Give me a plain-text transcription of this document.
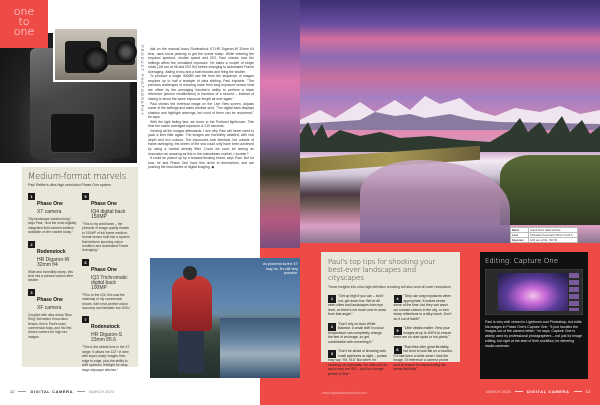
one
to
one
PRODUCT PHOTOGRAPHY
Medium-format marvels
Paul Reiffer's ultra-high-resolution Phase One system
1
Phase One
XT camera
"My landscape camera body," says Paul, "and the most digitally integrated field camera solution available on the market today."
2
Rodenstock
HR Digaron-W 32mm f/4
Wide and incredibly sharp, this lens has a precise carbon-fibre shutter.
3
Phase One
XF camera
Coupled with ultra-sharp 'Blue Ring' Schneider Kreuznach lenses, this is Paul's main commercial body, and his first choice camera for high-res images.
5
Phase One
IQ4 digital back 150MP
"This is my workhorse – the pinnacle of image quality thanks to 151MP of full frame medium-format sensor built into a system that delivers stunning colour rendition and Automated Frame Averaging."
6
Phase One
IQ3 Trichromatic digital back 100MP
"Prior to the IQ4, this was the mainstay of my commercial shoots, with near-perfect colour accuracy and fantastic low ISOs."
7
Rodenstock
HR Digaron-S 23mm f/5.6
"This is the widest lens in the XT range. It allows me 122° of view with super-sharp images from edge to edge, plus the ability to shift up/down, left/right for easy large cityscape stitches."

dial on the manual focus Rodenstock XT-HR Digaron-W 32mm f/4 lens, uses focus peaking to get the scene sharp. While entering the required aperture, shutter speed and ISO, Paul checks how the settings affect the simulated exposure. He takes a couple of single shots (1/8 sec at f/8 and ISO 50) before changing to Automated Frame Averaging, dialing in two and a half minutes and firing the shutter.

To produce a single 300MB raw file from the sequence of images requires up to half a terabyte of data shifting, Paul explains: "The previous challenges of reducing noise from long-exposure sensor heat are offset by the averaging function's ability to perform a black reference [sensor recalibration] in fractions of a second – instead of having to shoot the same exposure length all over again."

Paul checks the eventual image on the Live View screen, adjusts some of the settings and takes another shot. "The digital back displays shadow and highlight warnings, but most of them can be recovered," he says.

With the light fading fast, we move to the Portland lighthouse. This time the scene averaged exposure is 210 seconds.

Viewing all the images afterwards, I see why Paul will never need to pack a lens filter again. The images are incredibly detailed, with real depth and rich colours. The exposures look identical, but outside of frame averaging, the sheen of the sea could only have been achieved by using a neutral density filter. Could we soon be seeing an innovation as amazing as this in the mainstream market, I wonder?

It could be picked up by a forward-thinking brand, says Paul. But for now, he and Phase One have this niche to themselves, and are pushing the boundaries of digital imaging. ◆

As powerful as the XT may be, it's still very portable.
12	DIGITAL CAMERA	MARCH 2020
Name	Grand Teton National Park
Lens	Schneider Kreuznach 35mm LS f/3.5
Exposure	1/20 sec at f/11, ISO 50
Paul's top tips for shooting your best-ever landscapes and cityscapes
These insights into ultra-high-definition shooting will also work at lower resolutions
1	"Get up high if you can – but if not, get down low. We've all seen cities and landscapes from eye level, so there's not much new to show from that angle."
2	"Don't rely on Auto White Balance. A small shift in colour temperature can completely change the feel of an image, so get comfortable with correcting it."
3	"Don't be afraid of shooting with small apertures at night – purists may say: 'f/8, f/11!' But when I'm shooting car light trails, I'm often at f/16 and a very low ISO – just for a longer period of time."
4	"Only use long exposures when appropriate. It makes sense some of the time, but they can wash out sunrise colours in the sky, or turn sharp reflections to a silky mush. Don't do it out of habit!"
5	"Little details matter. View your images at up to 400% to ensure there are no dust spots or hot pixels."
6	"Raw files offer great flexibility, but tend to look flat on a monitor. If it has been a while since I shot the image, I'll reference a camera phone shot to ensure I'm representing the scene faithfully."
Editing: Capture One
Paul is very well versed in Lightroom and Photoshop, but edits his images in Phase One's Capture One. "It just handles the images out of the camera better," he says. Capture One is widely used by professional photographers – not just for image editing, but right at the start of their workflow, for tethering studio cameras.
www.digitalcameraworld.com	MARCH 2020	DIGITAL CAMERA	13
